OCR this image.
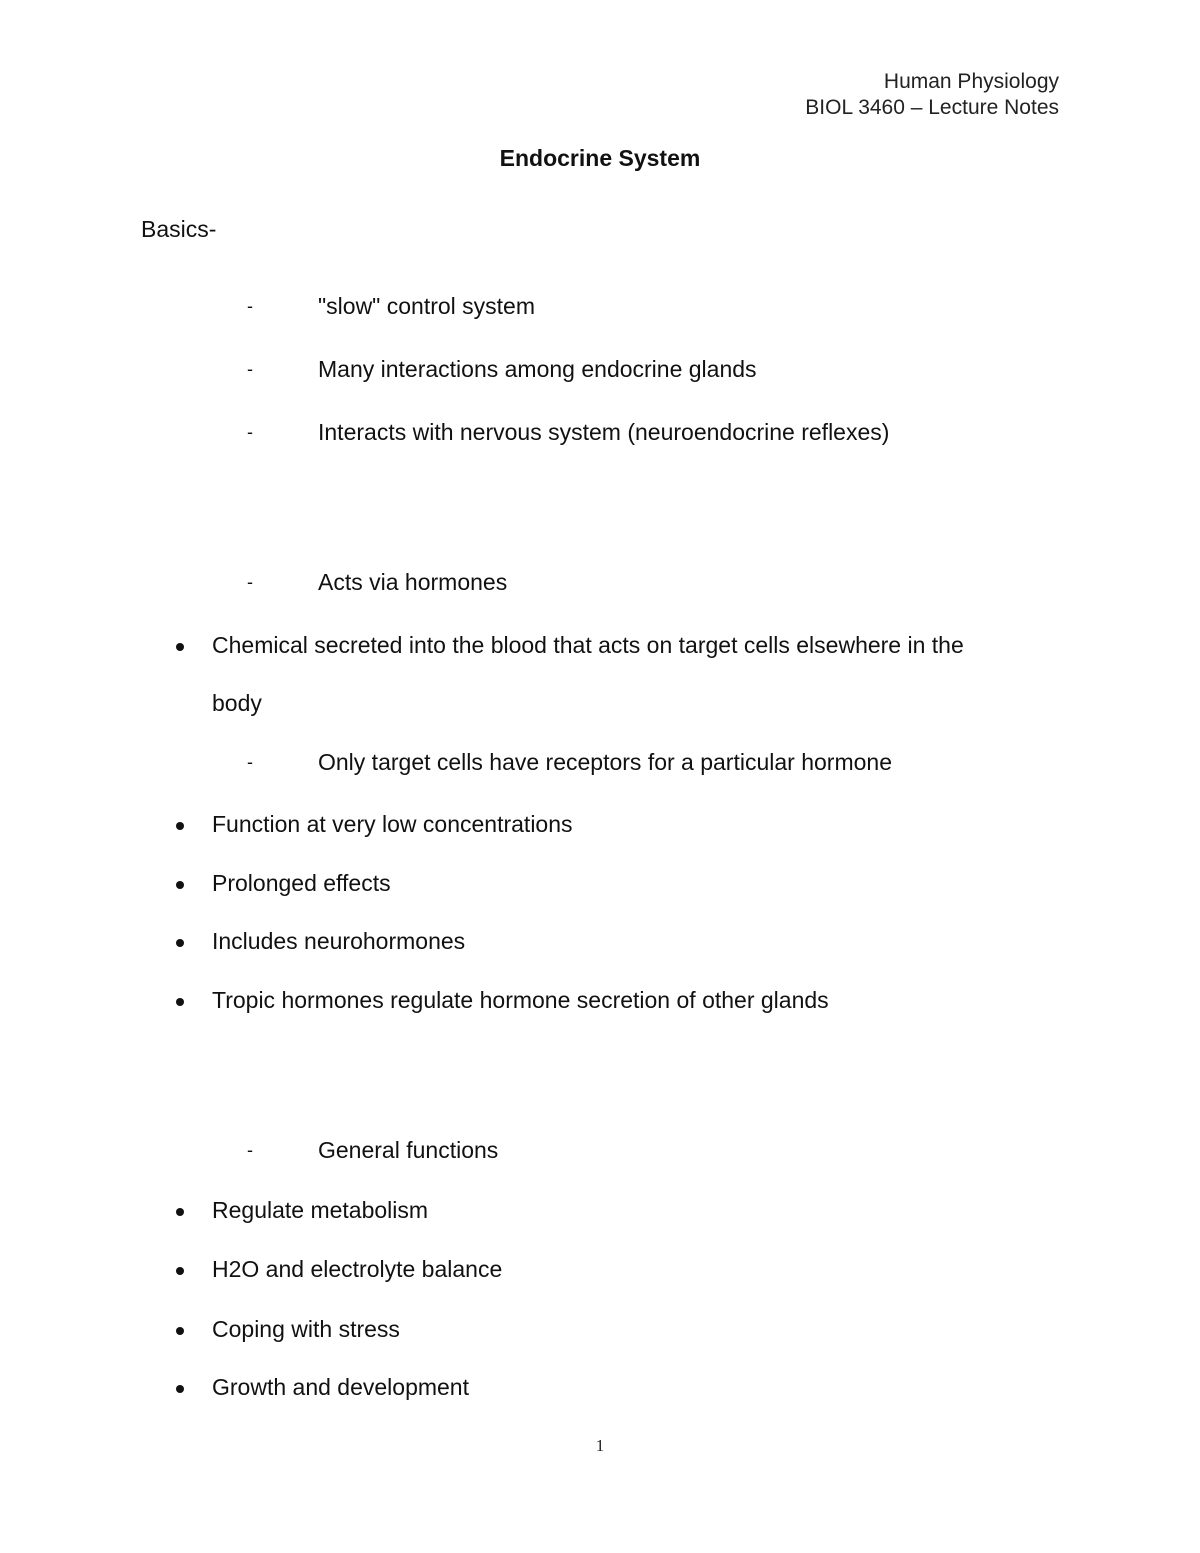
Human Physiology
BIOL 3460 – Lecture Notes
Endocrine System
Basics-
-	"slow" control system
-	Many interactions among endocrine glands
-	Interacts with nervous system (neuroendocrine reflexes)
-	Acts via hormones
Chemical secreted into the blood that acts on target cells elsewhere in the
body
-	Only target cells have receptors for a particular hormone
Function at very low concentrations
Prolonged effects
Includes neurohormones
Tropic hormones regulate hormone secretion of other glands
-	General functions
Regulate metabolism
H2O and electrolyte balance
Coping with stress
Growth and development
1
